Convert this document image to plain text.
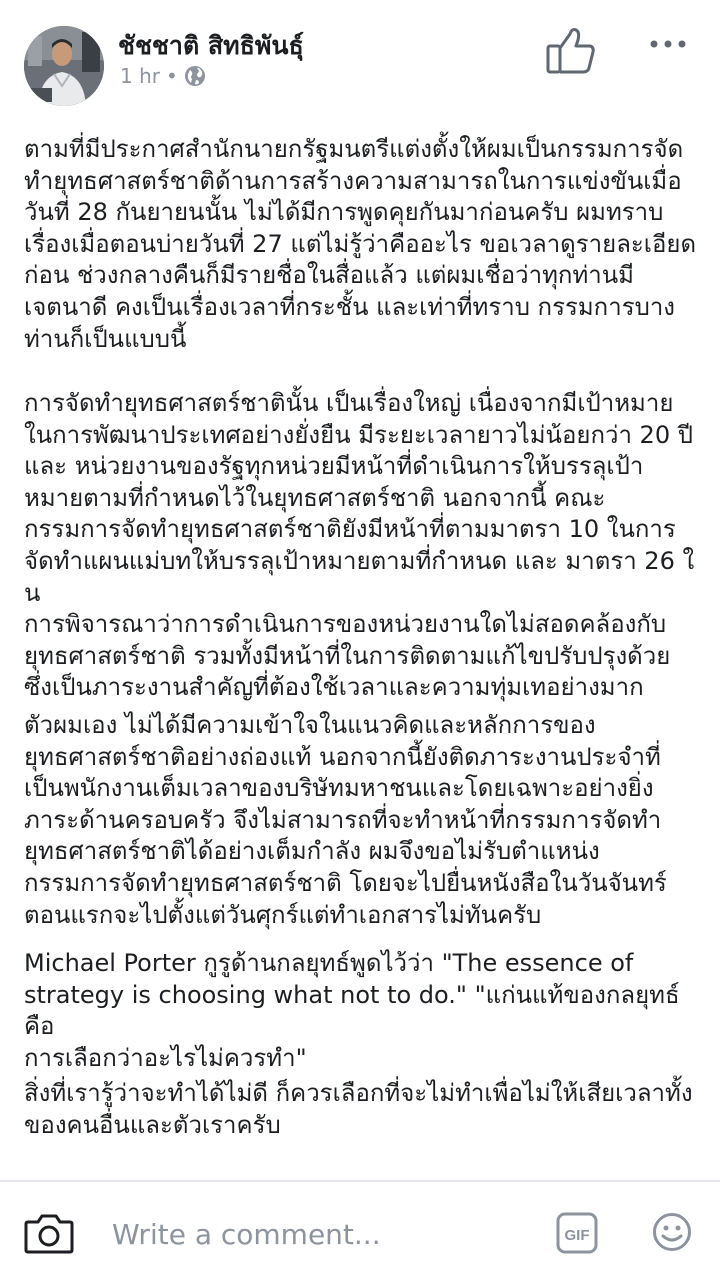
ชัชชาติ สิทธิพันธุ์
1 hr •

ตามที่มีประกาศสำนักนายกรัฐมนตรีแต่งตั้งให้ผมเป็นกรรมการจัด
ทำยุทธศาสตร์ชาติด้านการสร้างความสามารถในการแข่งขันเมื่อ
วันที่ 28 กันยายนนั้น ไม่ได้มีการพูดคุยกันมาก่อนครับ ผมทราบ
เรื่องเมื่อตอนบ่ายวันที่ 27 แต่ไม่รู้ว่าคืออะไร ขอเวลาดูรายละเอียด
ก่อน ช่วงกลางคืนก็มีรายชื่อในสื่อแล้ว แต่ผมเชื่อว่าทุกท่านมี
เจตนาดี คงเป็นเรื่องเวลาที่กระชั้น และเท่าที่ทราบ กรรมการบาง
ท่านก็เป็นแบบนี้

การจัดทำยุทธศาสตร์ชาตินั้น เป็นเรื่องใหญ่ เนื่องจากมีเป้าหมาย
ในการพัฒนาประเทศอย่างยั่งยืน มีระยะเวลายาวไม่น้อยกว่า 20 ปี
และ หน่วยงานของรัฐทุกหน่วยมีหน้าที่ดำเนินการให้บรรลุเป้า
หมายตามที่กำหนดไว้ในยุทธศาสตร์ชาติ นอกจากนี้ คณะ
กรรมการจัดทำยุทธศาสตร์ชาติยังมีหน้าที่ตามมาตรา 10 ในการ
จัดทำแผนแม่บทให้บรรลุเป้าหมายตามที่กำหนด และ มาตรา 26 ใน
การพิจารณาว่าการดำเนินการของหน่วยงานใดไม่สอดคล้องกับ
ยุทธศาสตร์ชาติ รวมทั้งมีหน้าที่ในการติดตามแก้ไขปรับปรุงด้วย
ซึ่งเป็นภาระงานสำคัญที่ต้องใช้เวลาและความทุ่มเทอย่างมาก

ตัวผมเอง ไม่ได้มีความเข้าใจในแนวคิดและหลักการของ
ยุทธศาสตร์ชาติอย่างถ่องแท้ นอกจากนี้ยังติดภาระงานประจำที่
เป็นพนักงานเต็มเวลาของบริษัทมหาชนและโดยเฉพาะอย่างยิ่ง
ภาระด้านครอบครัว จึงไม่สามารถที่จะทำหน้าที่กรรมการจัดทำ
ยุทธศาสตร์ชาติได้อย่างเต็มกำลัง ผมจึงขอไม่รับตำแหน่ง
กรรมการจัดทำยุทธศาสตร์ชาติ โดยจะไปยื่นหนังสือในวันจันทร์
ตอนแรกจะไปตั้งแต่วันศุกร์แต่ทำเอกสารไม่ทันครับ

Michael Porter กูรูด้านกลยุทธ์พูดไว้ว่า "The essence of
strategy is choosing what not to do." "แก่นแท้ของกลยุทธ์ คือ
การเลือกว่าอะไรไม่ควรทำ"

สิ่งที่เรารู้ว่าจะทำได้ไม่ดี ก็ควรเลือกที่จะไม่ทำเพื่อไม่ให้เสียเวลาทั้ง
ของคนอื่นและตัวเราครับ

Write a comment...
GIF
